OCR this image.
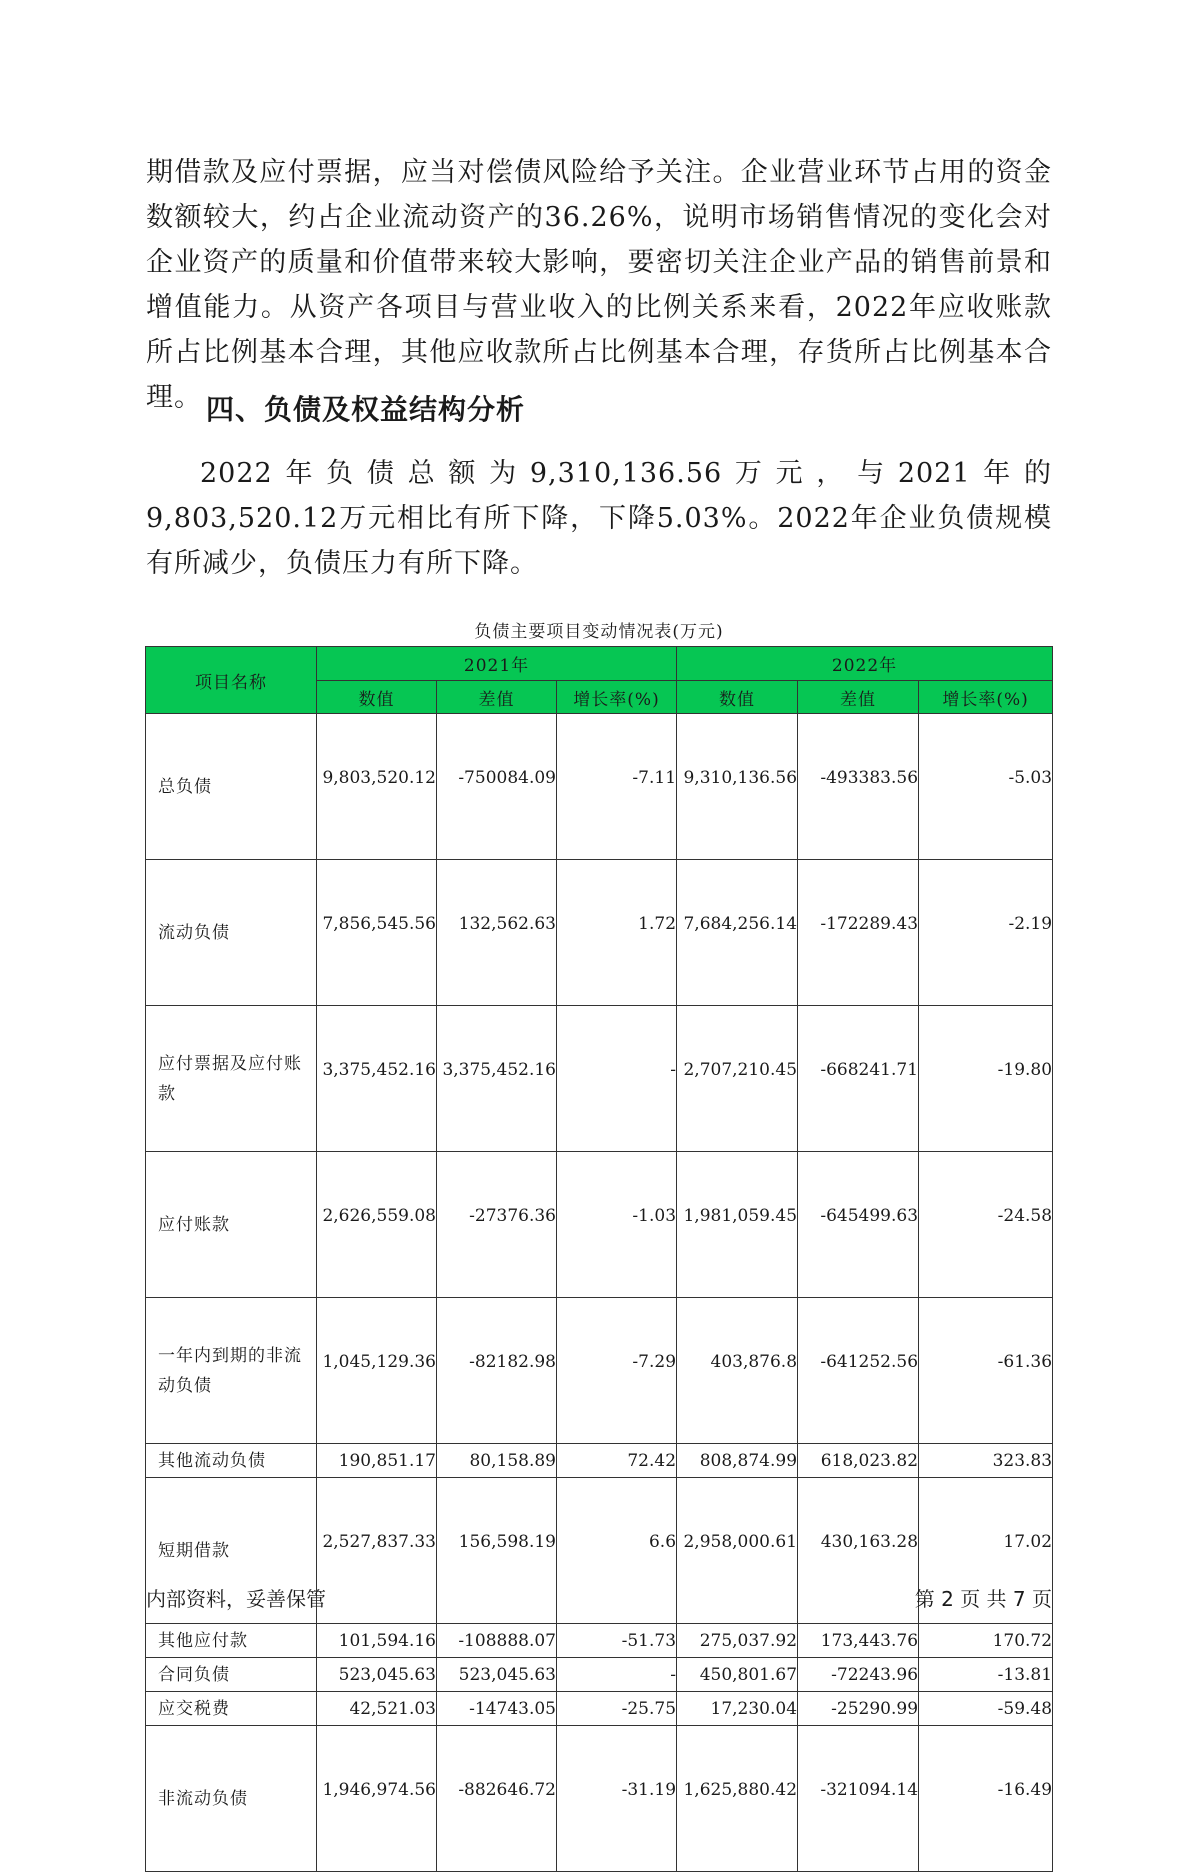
期借款及应付票据，应当对偿债风险给予关注。企业营业环节占用的资金数额较大，约占企业流动资产的36.26%，说明市场销售情况的变化会对企业资产的质量和价值带来较大影响，要密切关注企业产品的销售前景和增值能力。从资产各项目与营业收入的比例关系来看，2022年应收账款所占比例基本合理，其他应收款所占比例基本合理，存货所占比例基本合理。 四、负债及权益结构分析

2022年负债总额为9,310,136.56万元，与2021年的9,803,520.12万元相比有所下降，下降5.03%。2022年企业负债规模有所减少，负债压力有所下降。

负债主要项目变动情况表(万元)
项目名称	2021年			2022年		
	数值	差值	增长率(%)	数值	差值	增长率(%)
总负债	9,803,520.12	-750084.09	-7.11	9,310,136.56	-493383.56	-5.03
流动负债	7,856,545.56	132,562.63	1.72	7,684,256.14	-172289.43	-2.19
应付票据及应付账款	3,375,452.16	3,375,452.16	-	2,707,210.45	-668241.71	-19.80
应付账款	2,626,559.08	-27376.36	-1.03	1,981,059.45	-645499.63	-24.58
一年内到期的非流动负债	1,045,129.36	-82182.98	-7.29	403,876.8	-641252.56	-61.36
其他流动负债	190,851.17	80,158.89	72.42	808,874.99	618,023.82	323.83
短期借款	2,527,837.33	156,598.19	6.6	2,958,000.61	430,163.28	17.02
其他应付款	101,594.16	-108888.07	-51.73	275,037.92	173,443.76	170.72
合同负债	523,045.63	523,045.63	-	450,801.67	-72243.96	-13.81
应交税费	42,521.03	-14743.05	-25.75	17,230.04	-25290.99	-59.48
非流动负债	1,946,974.56	-882646.72	-31.19	1,625,880.42	-321094.14	-16.49
内部资料，妥善保管	第 2 页 共 7 页
